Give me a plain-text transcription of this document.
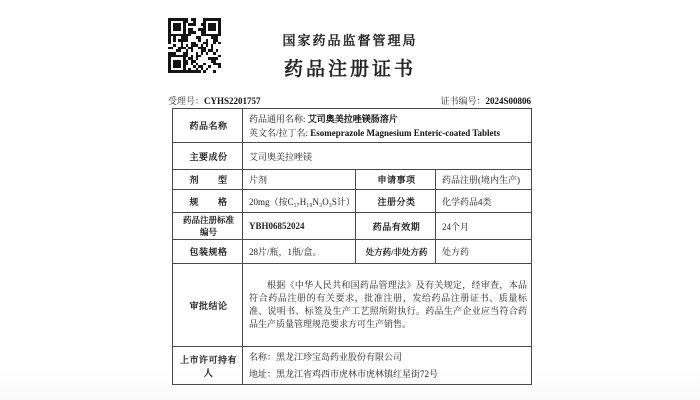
国家药品监督管理局
药品注册证书
受理号：CYHS2201757	证书编号：2024S00806
药品名称	药品通用名称: 艾司奥美拉唑镁肠溶片
英文名/拉丁名: Esomeprazole Magnesium Enteric-coated Tablets		
主要成份	艾司奥美拉唑镁		
剂　　型	片剂	申请事项	药品注册(境内生产)
规　　格	20mg（按C₁₇H₁₉N₃O₃S计）	注册分类	化学药品4类
药品注册标准编号	YBH06852024	药品有效期	24个月
包装规格	28片/瓶，1瓶/盒。	处方药/非处方药	处方药
审批结论	根据《中华人民共和国药品管理法》及有关规定，经审查，本品符合药品注册的有关要求，批准注册，发给药品注册证书、质量标准、说明书、标签及生产工艺照所附执行。药品生产企业应当符合药品生产质量管理规范要求方可生产销售。		

上市许可持有人	名称：黑龙江珍宝岛药业股份有限公司
地址：黑龙江省鸡西市虎林市虎林镇红星街72号		
